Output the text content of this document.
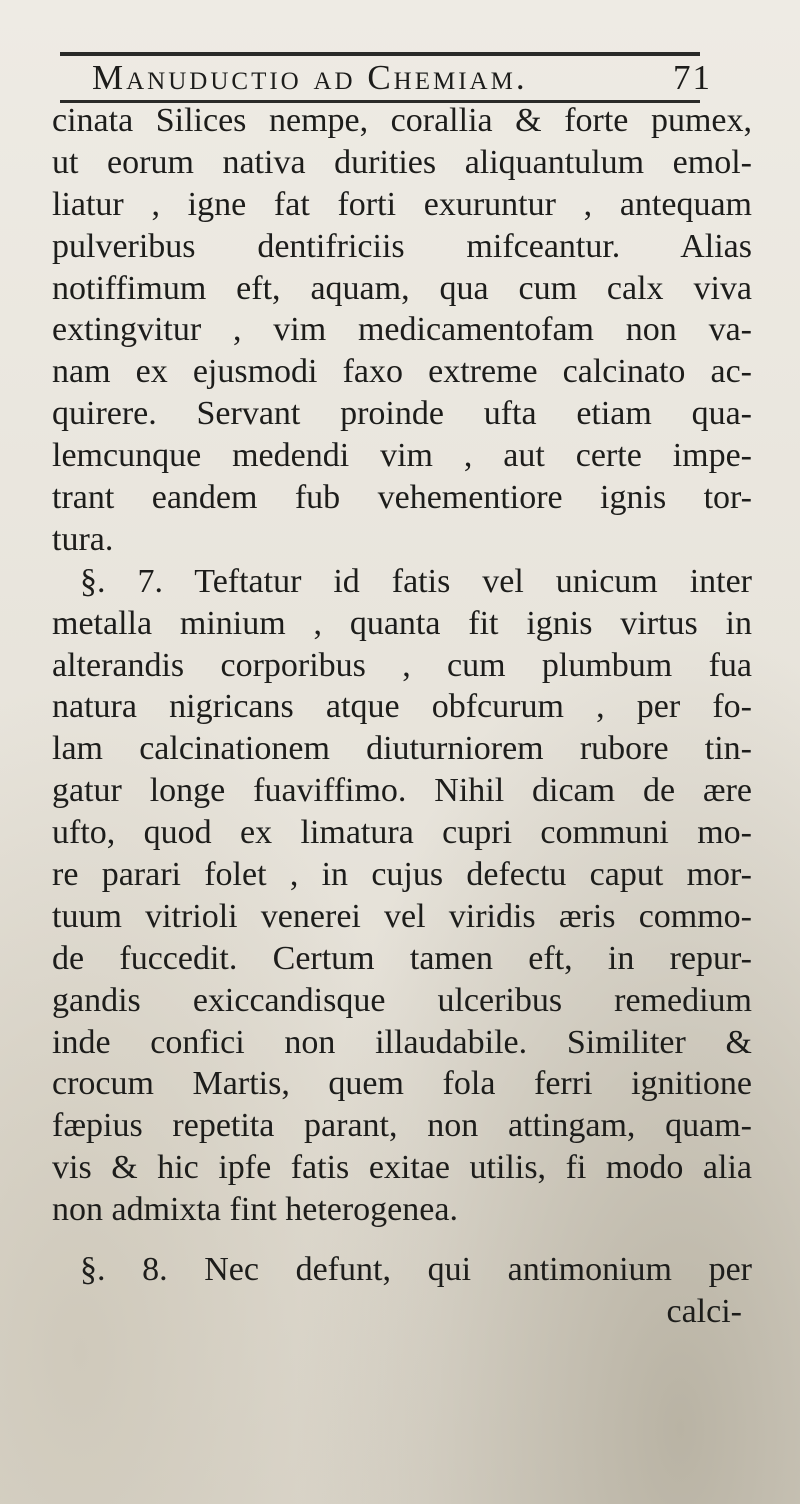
Manuductio ad Chemiam.	71
cinata Silices nempe, corallia & forte pumex,
ut eorum nativa durities aliquantulum emol-
liatur , igne fat forti exuruntur , antequam
pulveribus dentifriciis mifceantur. Alias
notiffimum eft, aquam, qua cum calx viva
extingvitur , vim medicamentofam non va-
nam ex ejusmodi faxo extreme calcinato ac-
quirere. Servant proinde ufta etiam qua-
lemcunque medendi vim , aut certe impe-
trant eandem fub vehementiore ignis tor-
tura.
§. 7. Teftatur id fatis vel unicum inter
metalla minium , quanta fit ignis virtus in
alterandis corporibus , cum plumbum fua
natura nigricans atque obfcurum , per fo-
lam calcinationem diuturniorem rubore tin-
gatur longe fuaviffimo. Nihil dicam de ære
ufto, quod ex limatura cupri communi mo-
re parari folet , in cujus defectu caput mor-
tuum vitrioli venerei vel viridis æris commo-
de fuccedit. Certum tamen eft, in repur-
gandis exiccandisque ulceribus remedium
inde confici non illaudabile. Similiter &
crocum Martis, quem fola ferri ignitione
fæpius repetita parant, non attingam, quam-
vis & hic ipfe fatis exitae utilis, fi modo alia
non admixta fint heterogenea.
§. 8. Nec defunt, qui antimonium per
calci-
